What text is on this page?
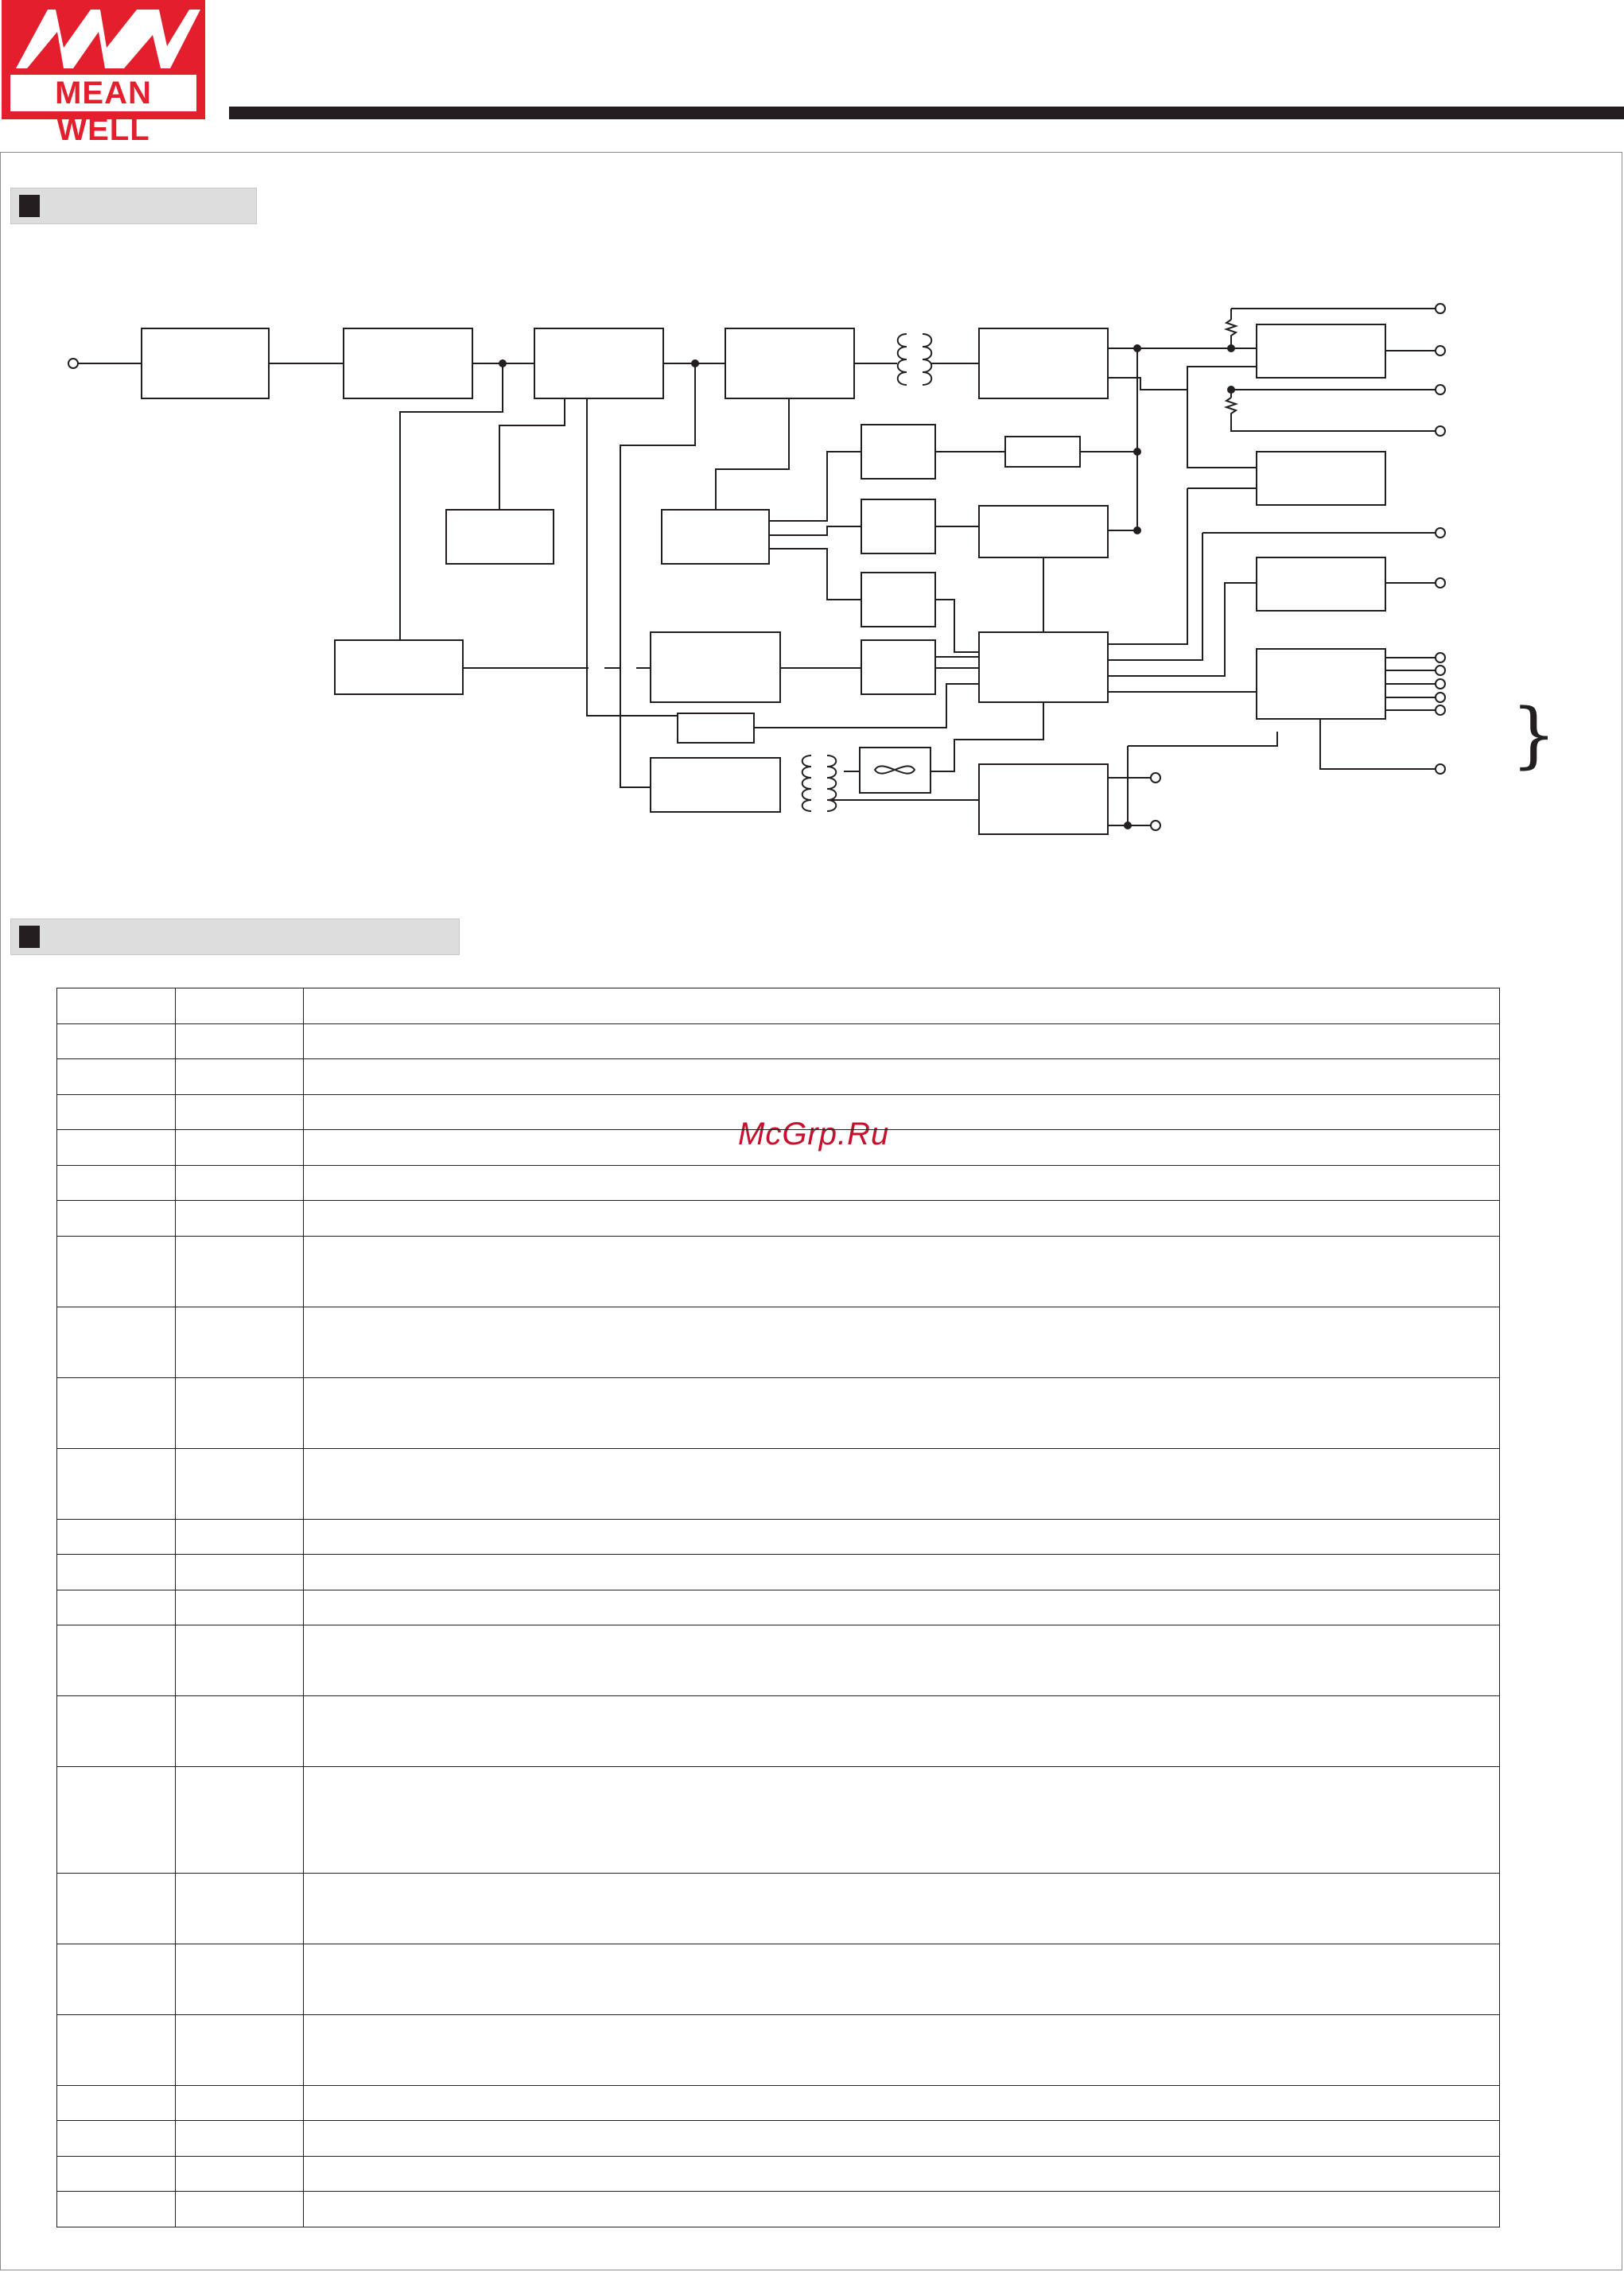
MEAN WELL
}
McGrp.Ru
